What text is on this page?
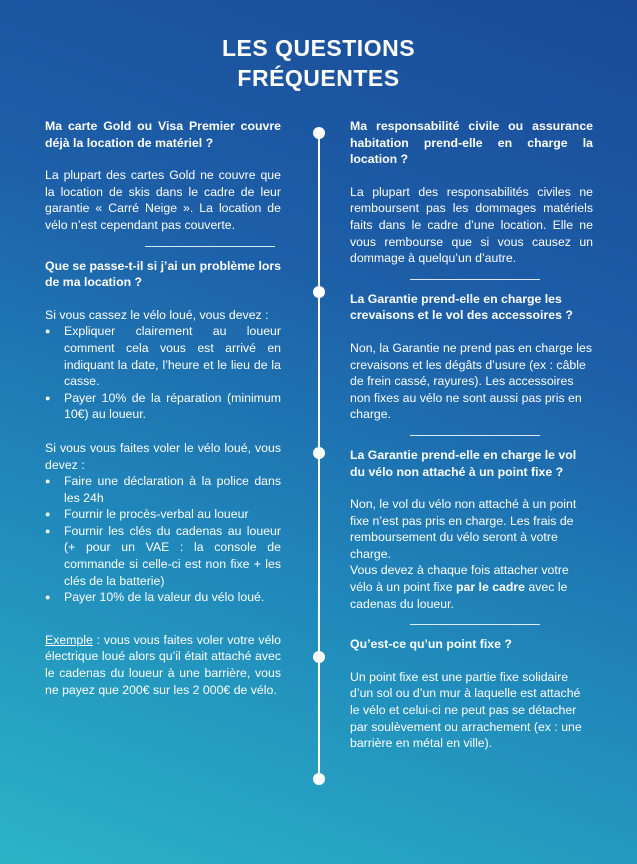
LES QUESTIONS
FRÉQUENTES

Ma carte Gold ou Visa Premier couvre déjà la location de matériel ?

La plupart des cartes Gold ne couvre que la location de skis dans le cadre de leur garantie « Carré Neige ». La location de vélo n’est cependant pas couverte.

Que se passe-t-il si j’ai un problème lors de ma location ?

Si vous cassez le vélo loué, vous devez :

● Expliquer clairement au loueur comment cela vous est arrivé en indiquant la date, l’heure et le lieu de la casse.
● Payer 10% de la réparation (minimum 10€) au loueur.

Si vous vous faites voler le vélo loué, vous devez :

● Faire une déclaration à la police dans les 24h
● Fournir le procès-verbal au loueur
● Fournir les clés du cadenas au loueur (+ pour un VAE : la console de commande si celle-ci est non fixe + les clés de la batterie)
● Payer 10% de la valeur du vélo loué.

Exemple : vous vous faites voler votre vélo électrique loué alors qu’il était attaché avec le cadenas du loueur à une barrière, vous ne payez que 200€ sur les 2 000€ de vélo.

Ma responsabilité civile ou assurance habitation prend-elle en charge la location ?

La plupart des responsabilités civiles ne remboursent pas les dommages matériels faits dans le cadre d’une location. Elle ne vous rembourse que si vous causez un dommage à quelqu’un d’autre.

La Garantie prend-elle en charge les crevaisons et le vol des accessoires ?

Non, la Garantie ne prend pas en charge les crevaisons et les dégâts d’usure (ex : câble de frein cassé, rayures). Les accessoires non fixes au vélo ne sont aussi pas pris en charge.

La Garantie prend-elle en charge le vol du vélo non attaché à un point fixe ?

Non, le vol du vélo non attaché à un point fixe n’est pas pris en charge. Les frais de remboursement du vélo seront à votre charge.
Vous devez à chaque fois attacher votre vélo à un point fixe par le cadre avec le cadenas du loueur.

Qu’est-ce qu’un point fixe ?

Un point fixe est une partie fixe solidaire d’un sol ou d’un mur à laquelle est attaché le vélo et celui-ci ne peut pas se détacher par soulèvement ou arrachement (ex : une barrière en métal en ville).
